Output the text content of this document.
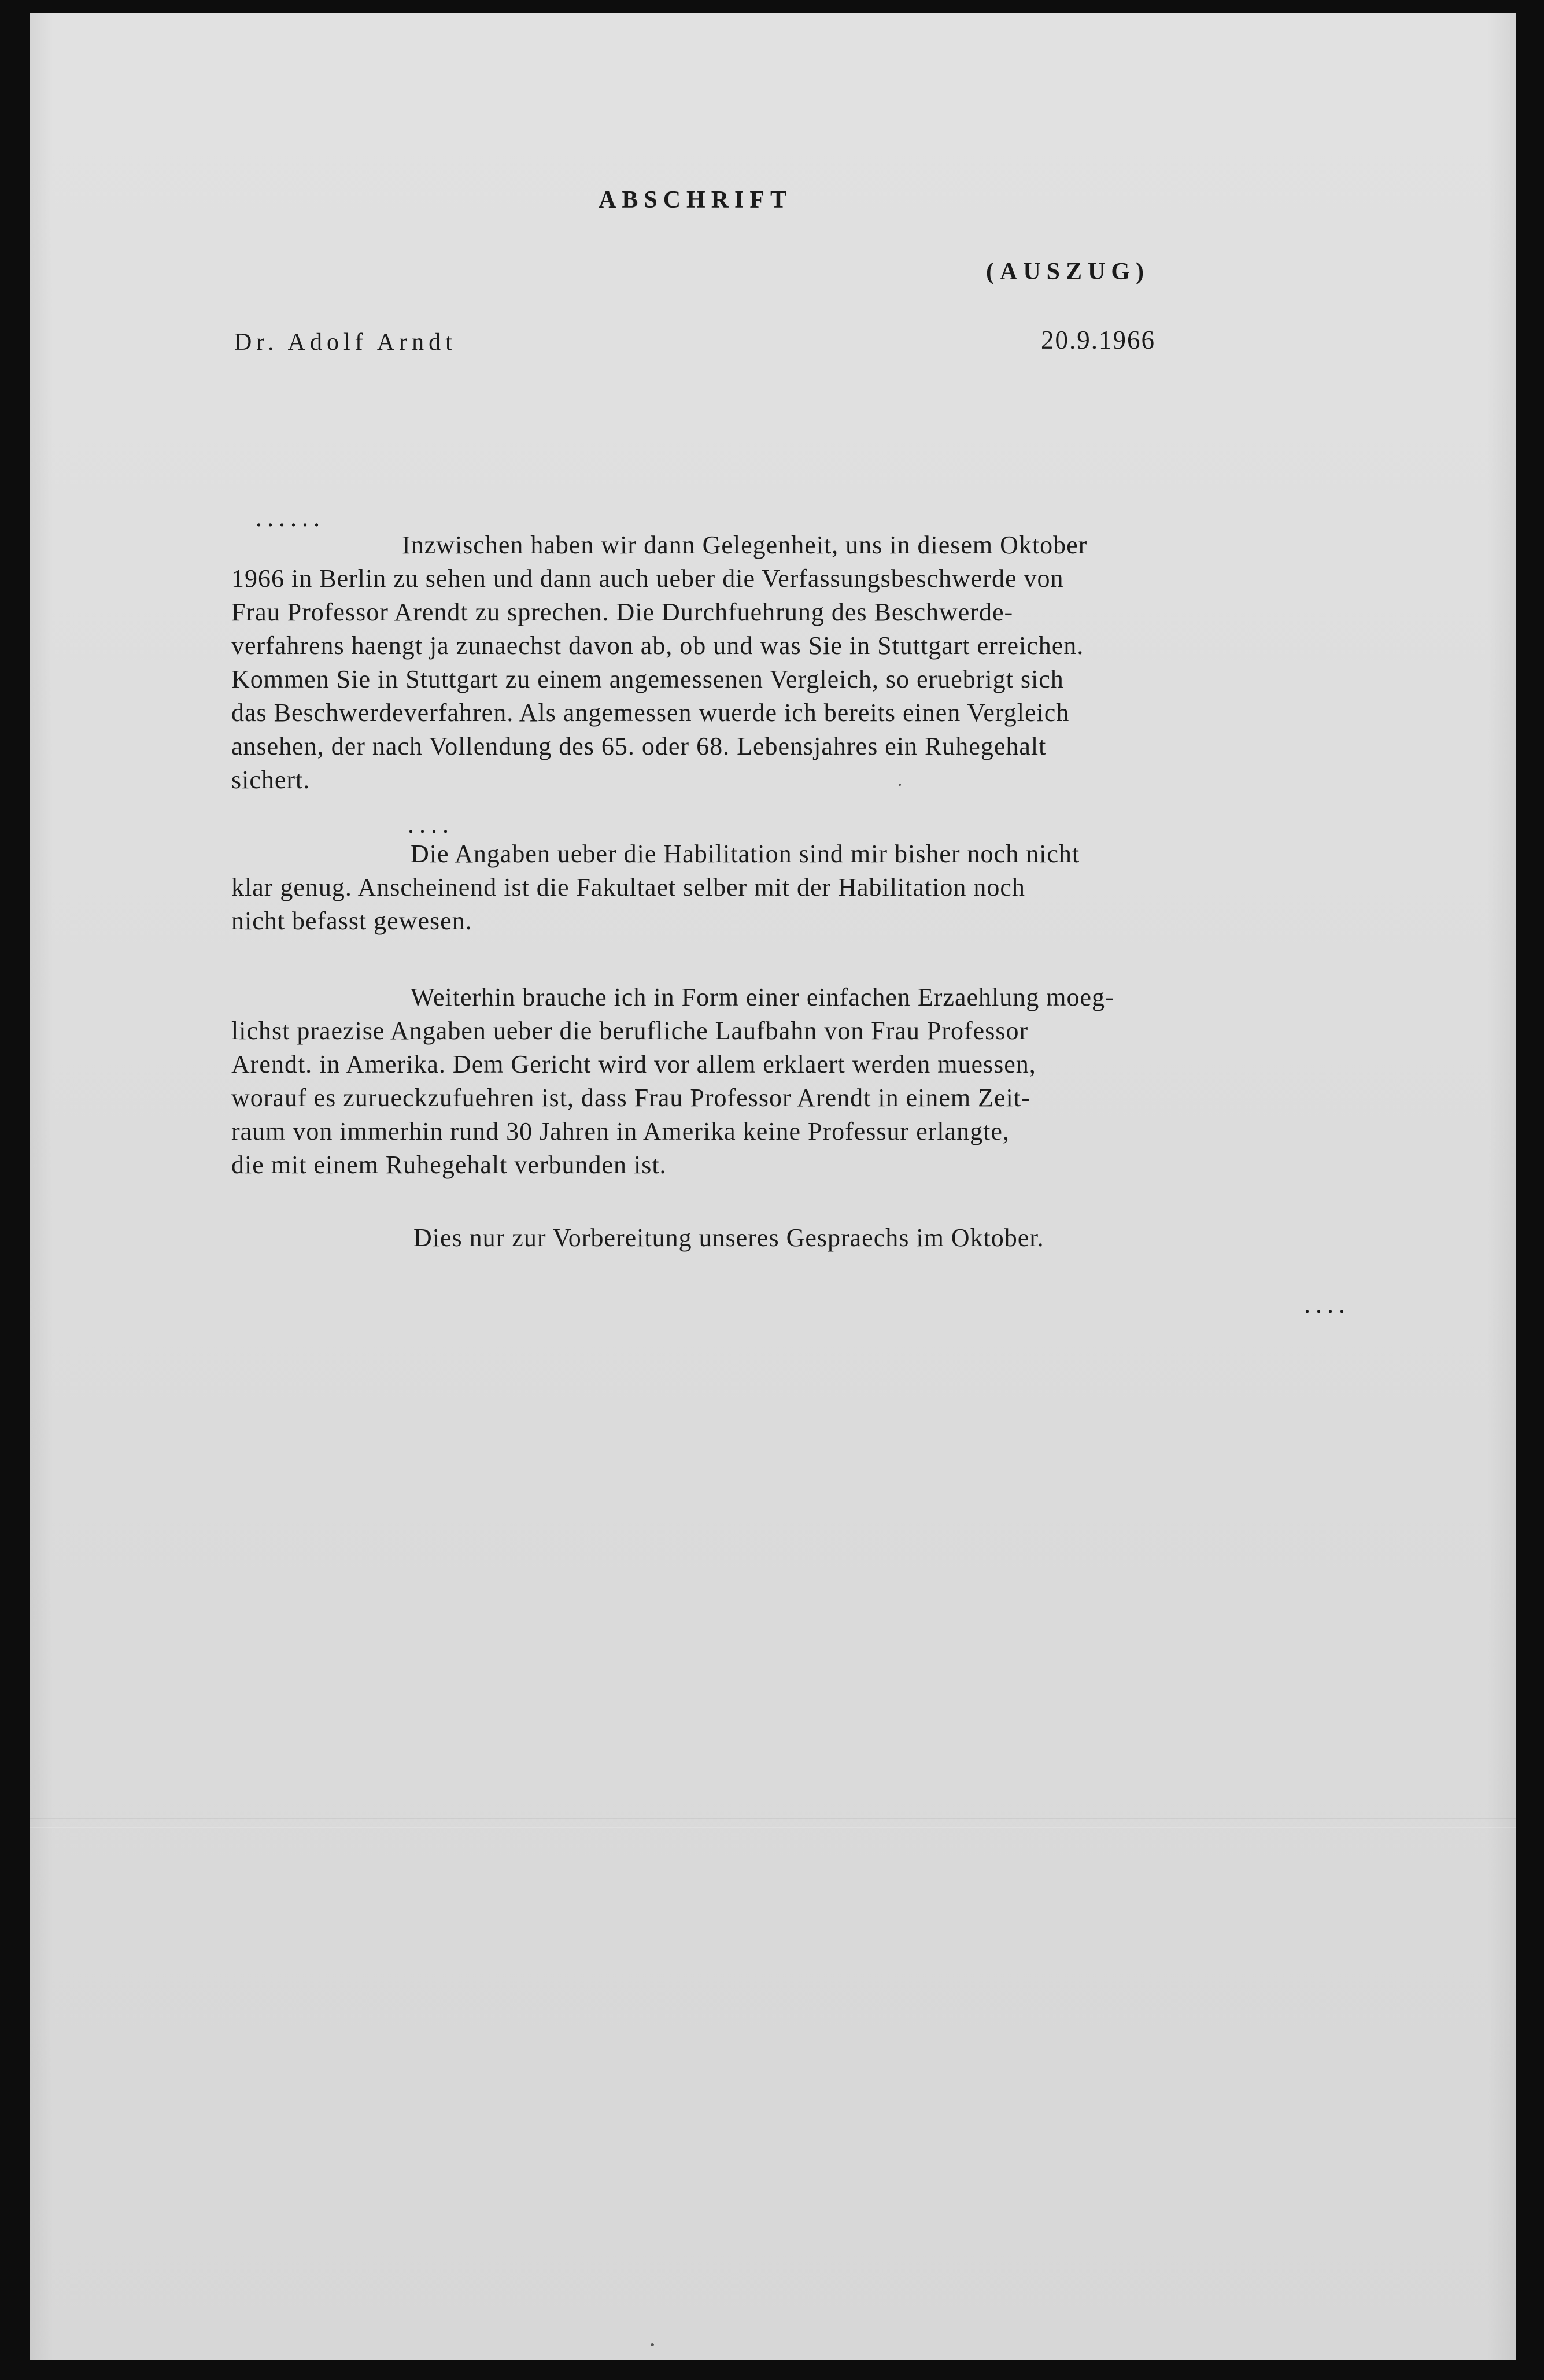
ABSCHRIFT

(AUSZUG)

Dr. Adolf Arndt	20.9.1966

......

Inzwischen haben wir dann Gelegenheit, uns in diesem Oktober

1966 in Berlin zu sehen und dann auch ueber die Verfassungsbeschwerde von

Frau Professor Arendt zu sprechen. Die Durchfuehrung des Beschwerde-

verfahrens haengt ja zunaechst davon ab, ob und was Sie in Stuttgart erreichen.

Kommen Sie in Stuttgart zu einem angemessenen Vergleich, so eruebrigt sich

das Beschwerdeverfahren. Als angemessen wuerde ich bereits einen Vergleich

ansehen, der nach Vollendung des 65. oder 68. Lebensjahres ein Ruhegehalt

sichert.

....

Die Angaben ueber die Habilitation sind mir bisher noch nicht

klar genug. Anscheinend ist die Fakultaet selber mit der Habilitation noch

nicht befasst gewesen.

Weiterhin brauche ich in Form einer einfachen Erzaehlung moeg-

lichst praezise Angaben ueber die berufliche Laufbahn von Frau Professor

Arendt. in Amerika. Dem Gericht wird vor allem erklaert werden muessen,

worauf es zurueckzufuehren ist, dass Frau Professor Arendt in einem Zeit-

raum von immerhin rund 30 Jahren in Amerika keine Professur erlangte,

die mit einem Ruhegehalt verbunden ist.

Dies nur zur Vorbereitung unseres Gespraechs im Oktober.

....
